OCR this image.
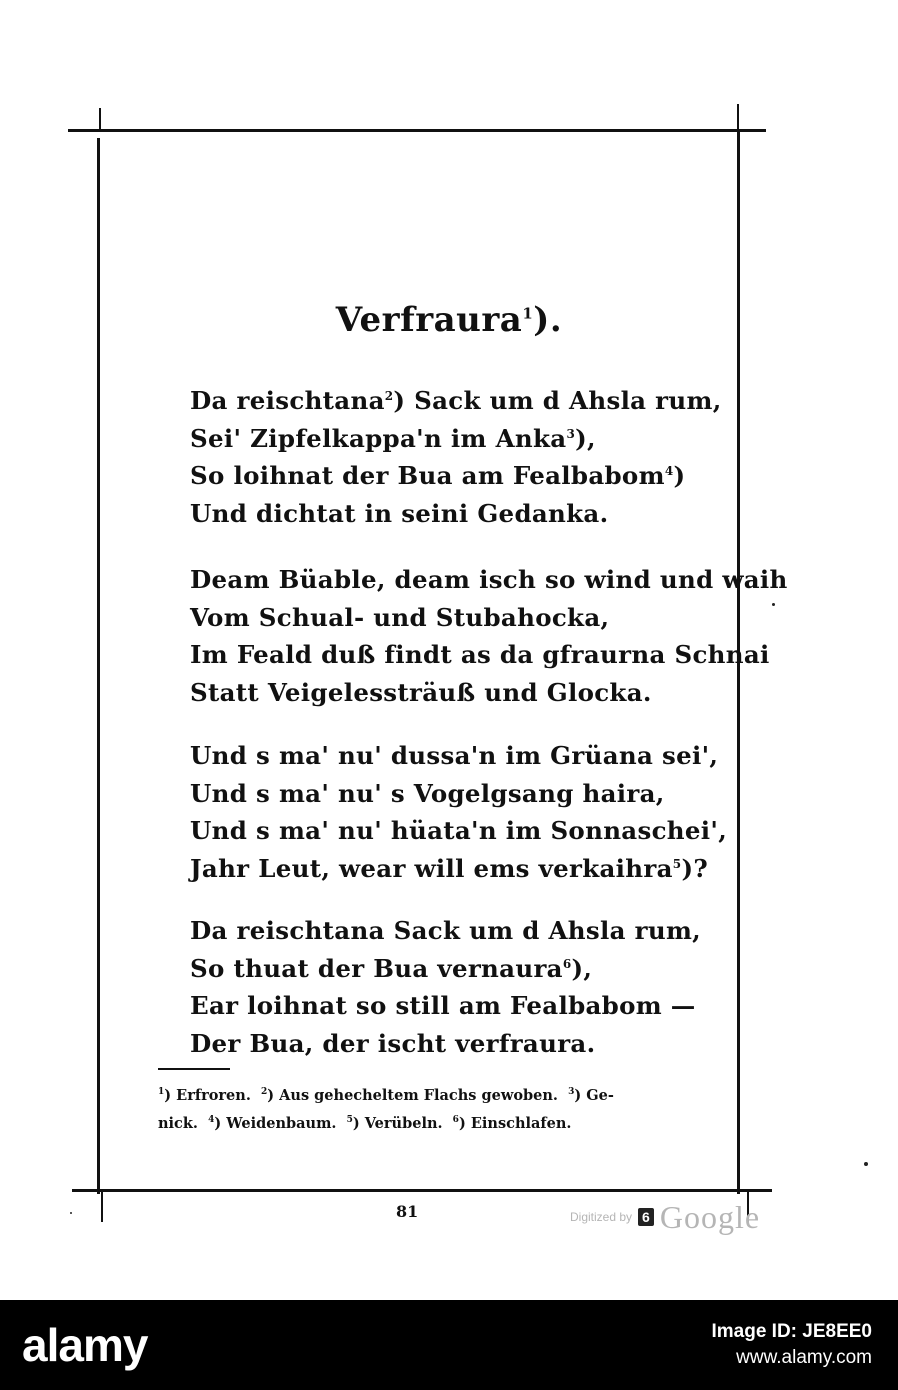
Verfraura$^1$).
Da reischtana$^2$) Sack um d Ahsla rum,
Sei' Zipfelkappa'n im Anka$^3$),
So loihnat der Bua am Fealbabom$^4$)
Und dichtat in seini Gedanka.
Deam Büable, deam isch so wind und waih
Vom Schual- und Stubahocka,
Im Feald duß findt as da gfraurna Schnai
Statt Veigelessträuß und Glocka.
Und s ma' nu' dussa'n im Grüana sei',
Und s ma' nu' s Vogelgsang haira,
Und s ma' nu' hüata'n im Sonnaschei',
Jahr Leut, wear will ems verkaihra$^5$)?
Da reischtana Sack um d Ahsla rum,
So thuat der Bua vernaura$^6$),
Ear loihnat so still am Fealbabom —
Der Bua, der ischt verfraura.
$^1$) Erfroren. $^2$) Aus gehecheltem Flachs gewoben. $^3$) Ge-
nick. $^4$) Weidenbaum. $^5$) Verübeln. $^6$) Einschlafen.
81	Digitized by 6 Google
alamy	Image ID: JE8EE0
www.alamy.com
